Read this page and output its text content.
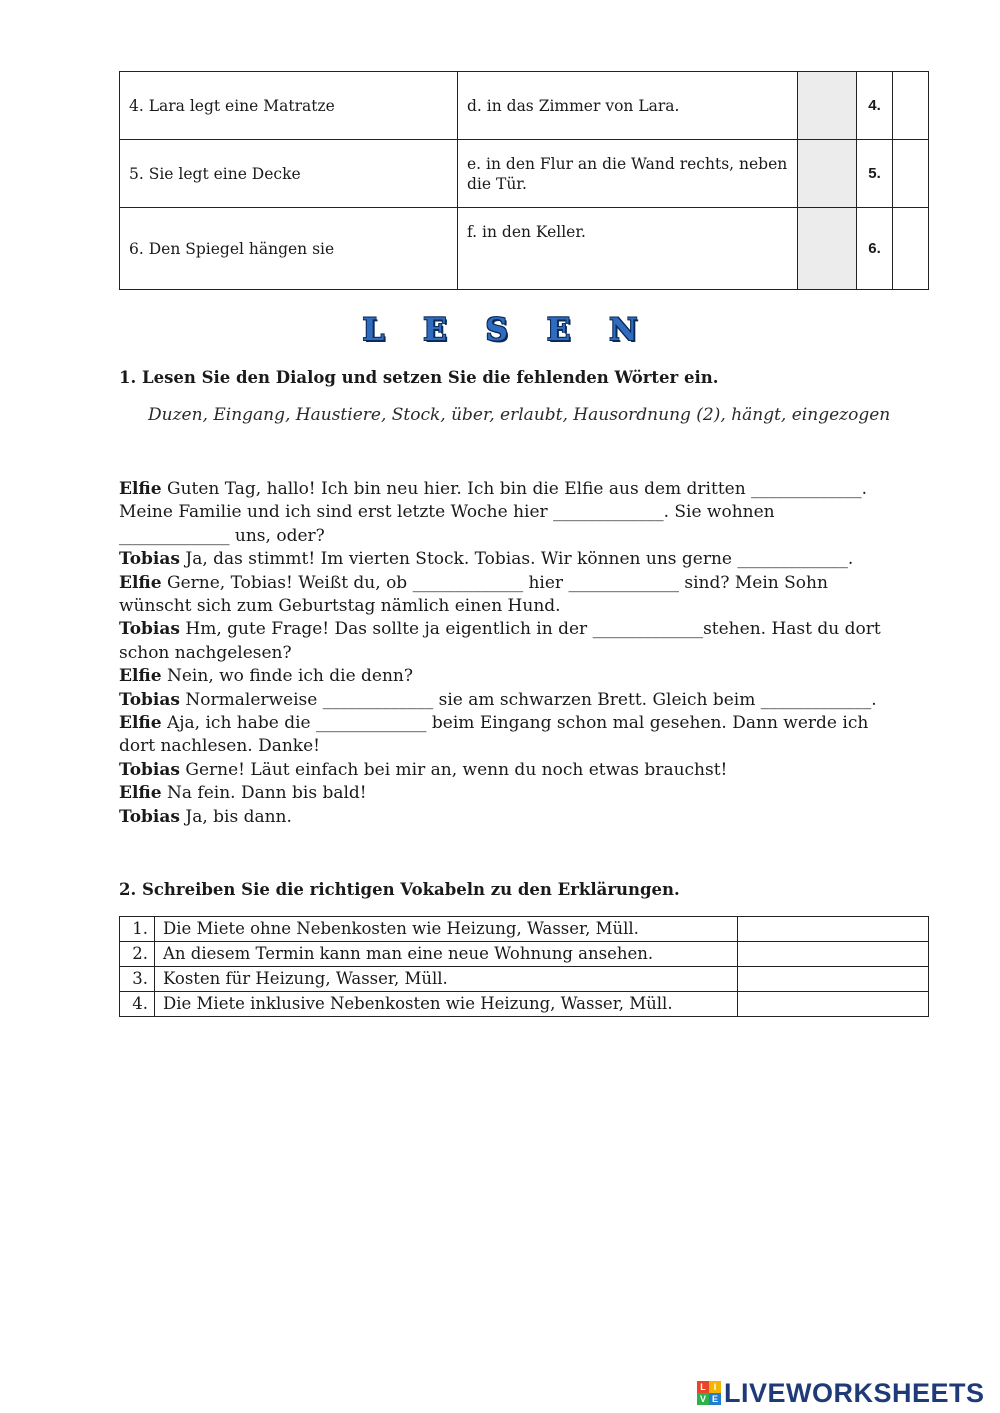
4. Lara legt eine Matratze	d. in das Zimmer von Lara.		4.	
5. Sie legt eine Decke	e. in den Flur an die Wand rechts, neben die Tür.		5.	
6. Den Spiegel hängen sie	f. in den Keller.		6.	
L E S E N
1. Lesen Sie den Dialog und setzen Sie die fehlenden Wörter ein.
Duzen, Eingang, Haustiere, Stock, über, erlaubt, Hausordnung (2), hängt, eingezogen

Elfie Guten Tag, hallo! Ich bin neu hier. Ich bin die Elfie aus dem dritten _____________.

Meine Familie und ich sind erst letzte Woche hier _____________. Sie wohnen

_____________ uns, oder?

Tobias Ja, das stimmt! Im vierten Stock. Tobias. Wir können uns gerne _____________.

Elfie Gerne, Tobias! Weißt du, ob _____________ hier _____________ sind? Mein Sohn

wünscht sich zum Geburtstag nämlich einen Hund.

Tobias Hm, gute Frage! Das sollte ja eigentlich in der _____________stehen. Hast du dort

schon nachgelesen?

Elfie Nein, wo finde ich die denn?

Tobias Normalerweise _____________ sie am schwarzen Brett. Gleich beim _____________.

Elfie Aja, ich habe die _____________ beim Eingang schon mal gesehen. Dann werde ich

dort nachlesen. Danke!

Tobias Gerne! Läut einfach bei mir an, wenn du noch etwas brauchst!

Elfie Na fein. Dann bis bald!

Tobias Ja, bis dann.

2. Schreiben Sie die richtigen Vokabeln zu den Erklärungen.
1.	Die Miete ohne Nebenkosten wie Heizung, Wasser, Müll.	
2.	An diesem Termin kann man eine neue Wohnung ansehen.	
3.	Kosten für Heizung, Wasser, Müll.	
4.	Die Miete inklusive Nebenkosten wie Heizung, Wasser, Müll.	
L I
V E LIVEWORKSHEETS
